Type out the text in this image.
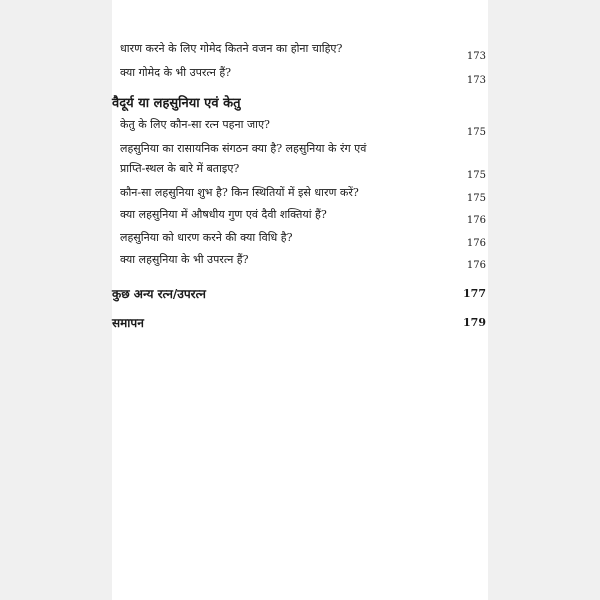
धारण करने के लिए गोमेद कितने वजन का होना चाहिए?
173
क्या गोमेद के भी उपरत्न हैं?
173
वैदूर्य या लहसुनिया एवं केतु
केतु के लिए कौन-सा रत्न पहना जाए?
175
लहसुनिया का रासायनिक संगठन क्या है? लहसुनिया के रंग एवं
प्राप्ति-स्थल के बारे में बताइए?
175
कौन-सा लहसुनिया शुभ है? किन स्थितियों में इसे धारण करें?	175
क्या लहसुनिया में औषधीय गुण एवं दैवी शक्तियां हैं?	176
लहसुनिया को धारण करने की क्या विधि है?	176
क्या लहसुनिया के भी उपरत्न हैं?	176
कुछ अन्य रत्न/उपरत्न	177
समापन	179
